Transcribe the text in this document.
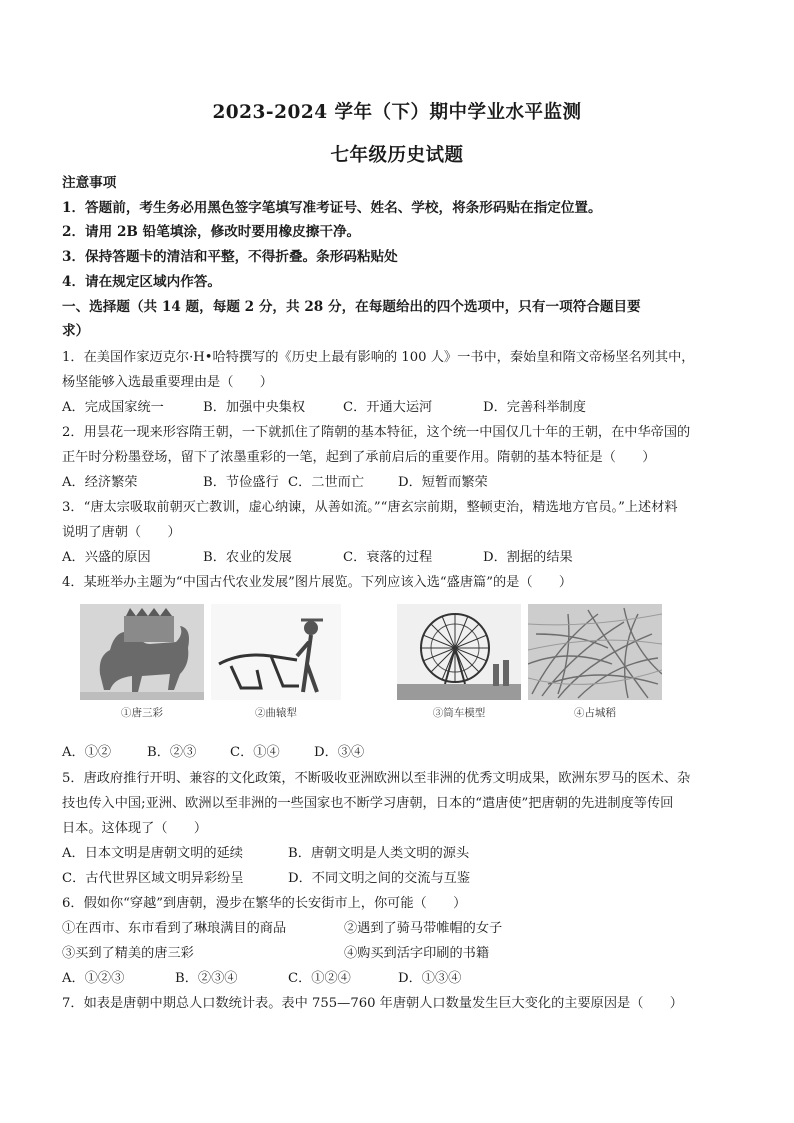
2023-2024 学年（下）期中学业水平监测
七年级历史试题
注意事项
1．答题前，考生务必用黑色签字笔填写准考证号、姓名、学校，将条形码贴在指定位置。
2．请用 2B 铅笔填涂，修改时要用橡皮擦干净。
3．保持答题卡的清洁和平整，不得折叠。条形码粘贴处
4．请在规定区域内作答。
一、选择题（共 14 题，每题 2 分，共 28 分，在每题给出的四个选项中，只有一项符合题目要
求）
1．在美国作家迈克尔·H•哈特撰写的《历史上最有影响的 100 人》一书中，秦始皇和隋文帝杨坚名列其中，
杨坚能够入选最重要理由是（　　）
A．完成国家统一	B．加强中央集权	C．开通大运河	D．完善科举制度
2．用昙花一现来形容隋王朝，一下就抓住了隋朝的基本特征，这个统一中国仅几十年的王朝，在中华帝国的
正午时分粉墨登场，留下了浓墨重彩的一笔，起到了承前启后的重要作用。隋朝的基本特征是（　　）
A．经济繁荣	B．节俭盛行 C．二世而亡	D．短暂而繁荣
3．“唐太宗吸取前朝灭亡教训，虚心纳谏，从善如流。”“唐玄宗前期，整顿吏治，精选地方官员。”上述材料
说明了唐朝（　　）
A．兴盛的原因	B．农业的发展	C．衰落的过程	D．割据的结果
4．某班举办主题为“中国古代农业发展”图片展览。下列应该入选“盛唐篇”的是（　　）
①唐三彩	②曲辕犁	③筒车模型	④占城稻
A．①②	B．②③	C．①④	D．③④
5．唐政府推行开明、兼容的文化政策，不断吸收亚洲欧洲以至非洲的优秀文明成果，欧洲东罗马的医术、杂
技也传入中国;亚洲、欧洲以至非洲的一些国家也不断学习唐朝，日本的“遣唐使”把唐朝的先进制度等传回
日本。这体现了（　　）
A．日本文明是唐朝文明的延续	B．唐朝文明是人类文明的源头
C．古代世界区域文明异彩纷呈	D．不同文明之间的交流与互鉴
6．假如你“穿越”到唐朝，漫步在繁华的长安街市上，你可能（　　）
①在西市、东市看到了琳琅满目的商品	②遇到了骑马带帷帽的女子
③买到了精美的唐三彩	④购买到活字印刷的书籍
A．①②③	B．②③④	C．①②④	D．①③④
7．如表是唐朝中期总人口数统计表。表中 755—760 年唐朝人口数量发生巨大变化的主要原因是（　　）
